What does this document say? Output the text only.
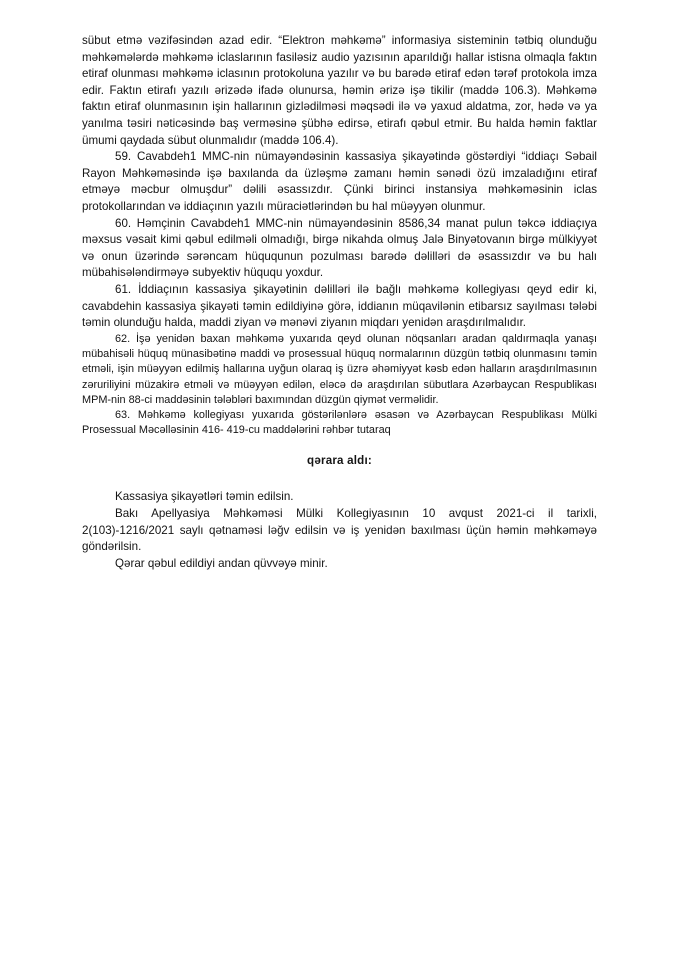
sübut etmə vəzifəsindən azad edir. “Elektron məhkəmə” informasiya sisteminin tətbiq olunduğu məhkəmələrdə məhkəmə iclaslarının fasiləsiz audio yazısının aparıldığı hallar istisna olmaqla faktın etiraf olunması məhkəmə iclasının protokoluna yazılır və bu barədə etiraf edən tərəf protokola imza edir. Faktın etirafı yazılı ərizədə ifadə olunursa, həmin ərizə işə tikilir (maddə 106.3). Məhkəmə faktın etiraf olunmasının işin hallarının gizlədilməsi məqsədi ilə və yaxud aldatma, zor, hədə və ya yanılma təsiri nəticəsində baş verməsinə şübhə edirsə, etirafı qəbul etmir. Bu halda həmin faktlar ümumi qaydada sübut olunmalıdır (maddə 106.4).

59. Cavabdeh1 MMC-nin nümayəndəsinin kassasiya şikayətində göstərdiyi “iddiaçı Səbail Rayon Məhkəməsində işə baxılanda da üzləşmə zamanı həmin sənədi özü imzaladığını etiraf etməyə məcbur olmuşdur” dəlili əsassızdır. Çünki birinci instansiya məhkəməsinin iclas protokollarından və iddiaçının yazılı müraciətlərindən bu hal müəyyən olunmur.

60. Həmçinin Cavabdeh1 MMC-nin nümayəndəsinin 8586,34 manat pulun təkcə iddiaçıya məxsus vəsait kimi qəbul edilməli olmadığı, birgə nikahda olmuş Jalə Binyətovanın birgə mülkiyyət və onun üzərində sərəncam hüququnun pozulması barədə dəlilləri də əsassızdır və bu halı mübahisələndirməyə subyektiv hüququ yoxdur.

61. İddiaçının kassasiya şikayətinin dəlilləri ilə bağlı məhkəmə kollegiyası qeyd edir ki, cavabdehin kassasiya şikayəti təmin edildiyinə görə, iddianın müqavilənin etibarsız sayılması tələbi təmin olunduğu halda, maddi ziyan və mənəvi ziyanın miqdarı yenidən araşdırılmalıdır.

62. İşə yenidən baxan məhkəmə yuxarıda qeyd olunan nöqsanları aradan qaldırmaqla yanaşı mübahisəli hüquq münasibətinə maddi və prosessual hüquq normalarının düzgün tətbiq olunmasını təmin etməli, işin müəyyən edilmiş hallarına uyğun olaraq iş üzrə əhəmiyyət kəsb edən halların araşdırılmasının zəruriliyini müzakirə etməli və müəyyən edilən, eləcə də araşdırılan sübutlara Azərbaycan Respublikası MPM-nin 88-ci maddəsinin tələbləri baxımından düzgün qiymət verməlidir.

63. Məhkəmə kollegiyası yuxarıda göstərilənlərə əsasən və Azərbaycan Respublikası Mülki Prosessual Məcəlləsinin 416- 419-cu maddələrini rəhbər tutaraq

qərara aldı:

Kassasiya şikayətləri təmin edilsin.

Bakı Apellyasiya Məhkəməsi Mülki Kollegiyasının 10 avqust 2021-ci il tarixli, 2(103)-1216/2021 saylı qətnaməsi ləğv edilsin və iş yenidən baxılması üçün həmin məhkəməyə göndərilsin.

Qərar qəbul edildiyi andan qüvvəyə minir.
